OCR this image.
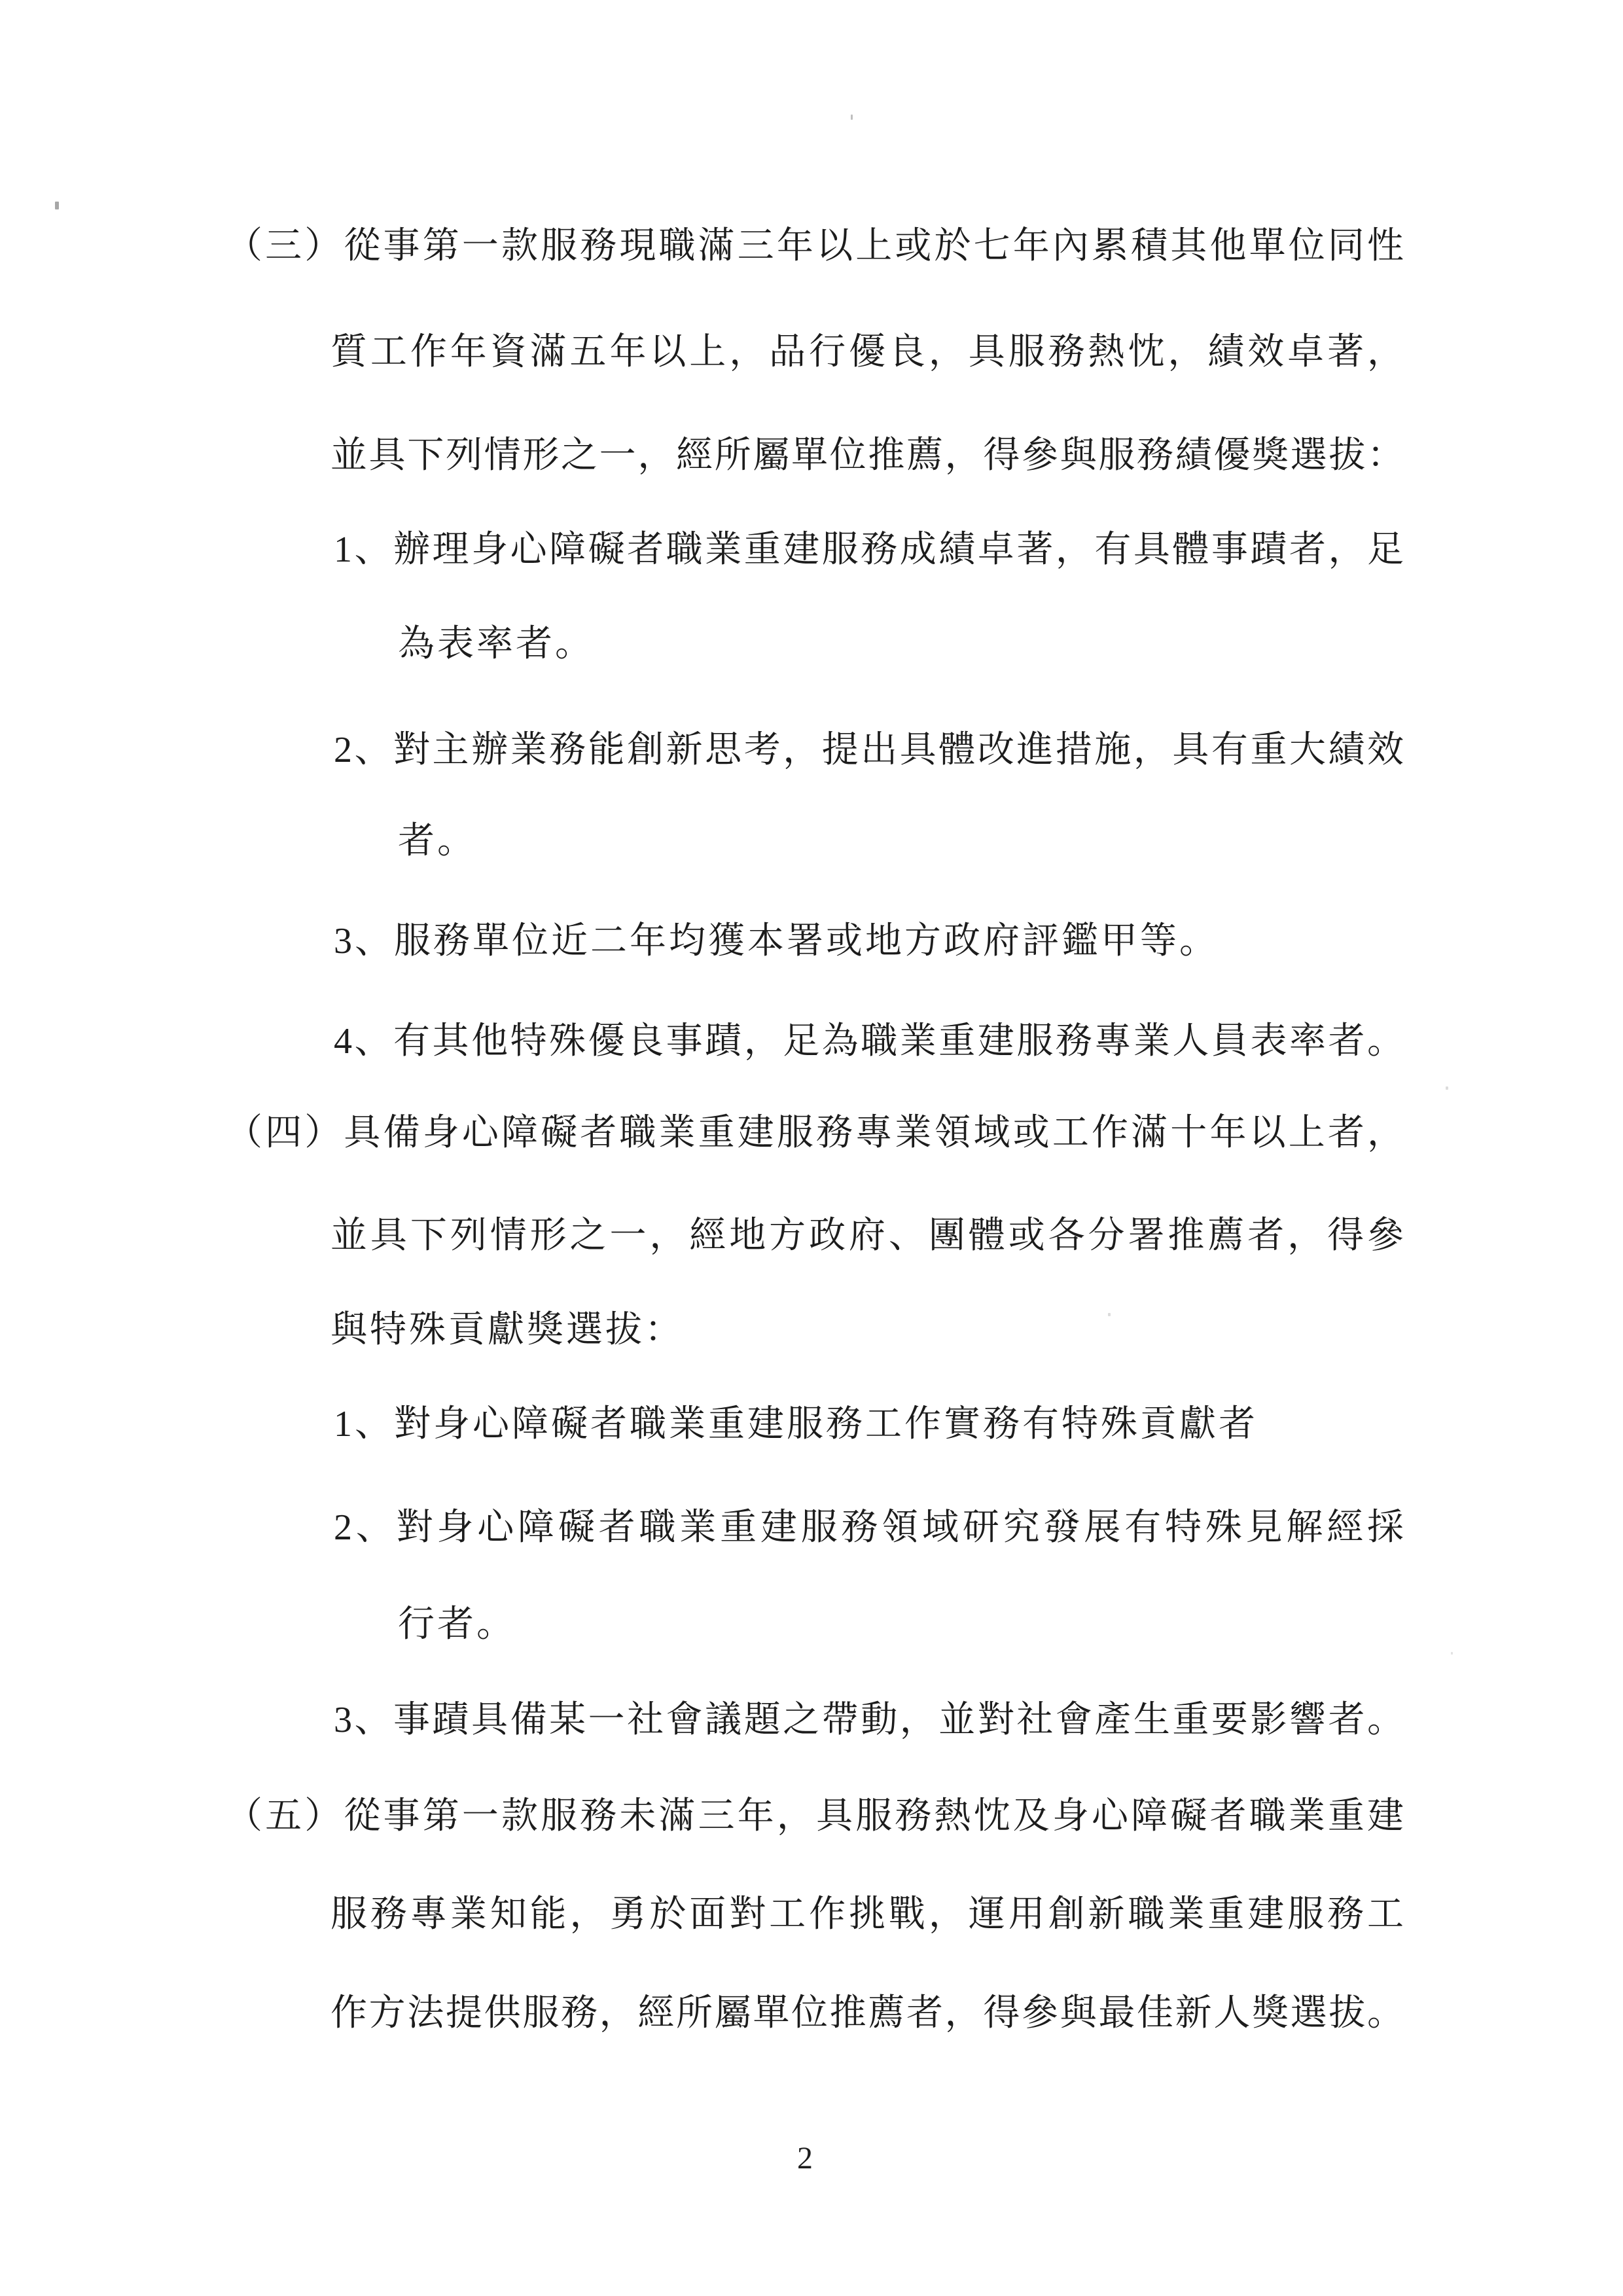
（三）從事第一款服務現職滿三年以上或於七年內累積其他單位同性
質工作年資滿五年以上，品行優良，具服務熱忱，績效卓著，
並具下列情形之一，經所屬單位推薦，得參與服務績優獎選拔：
1、辦理身心障礙者職業重建服務成績卓著，有具體事蹟者，足
為表率者。
2、對主辦業務能創新思考，提出具體改進措施，具有重大績效
者。
3、服務單位近二年均獲本署或地方政府評鑑甲等。
4、有其他特殊優良事蹟，足為職業重建服務專業人員表率者。
（四）具備身心障礙者職業重建服務專業領域或工作滿十年以上者，
並具下列情形之一，經地方政府、團體或各分署推薦者，得參
與特殊貢獻獎選拔：
1、對身心障礙者職業重建服務工作實務有特殊貢獻者
2、對身心障礙者職業重建服務領域研究發展有特殊見解經採
行者。
3、事蹟具備某一社會議題之帶動，並對社會產生重要影響者。
（五）從事第一款服務未滿三年，具服務熱忱及身心障礙者職業重建
服務專業知能，勇於面對工作挑戰，運用創新職業重建服務工
作方法提供服務，經所屬單位推薦者，得參與最佳新人獎選拔。
2
